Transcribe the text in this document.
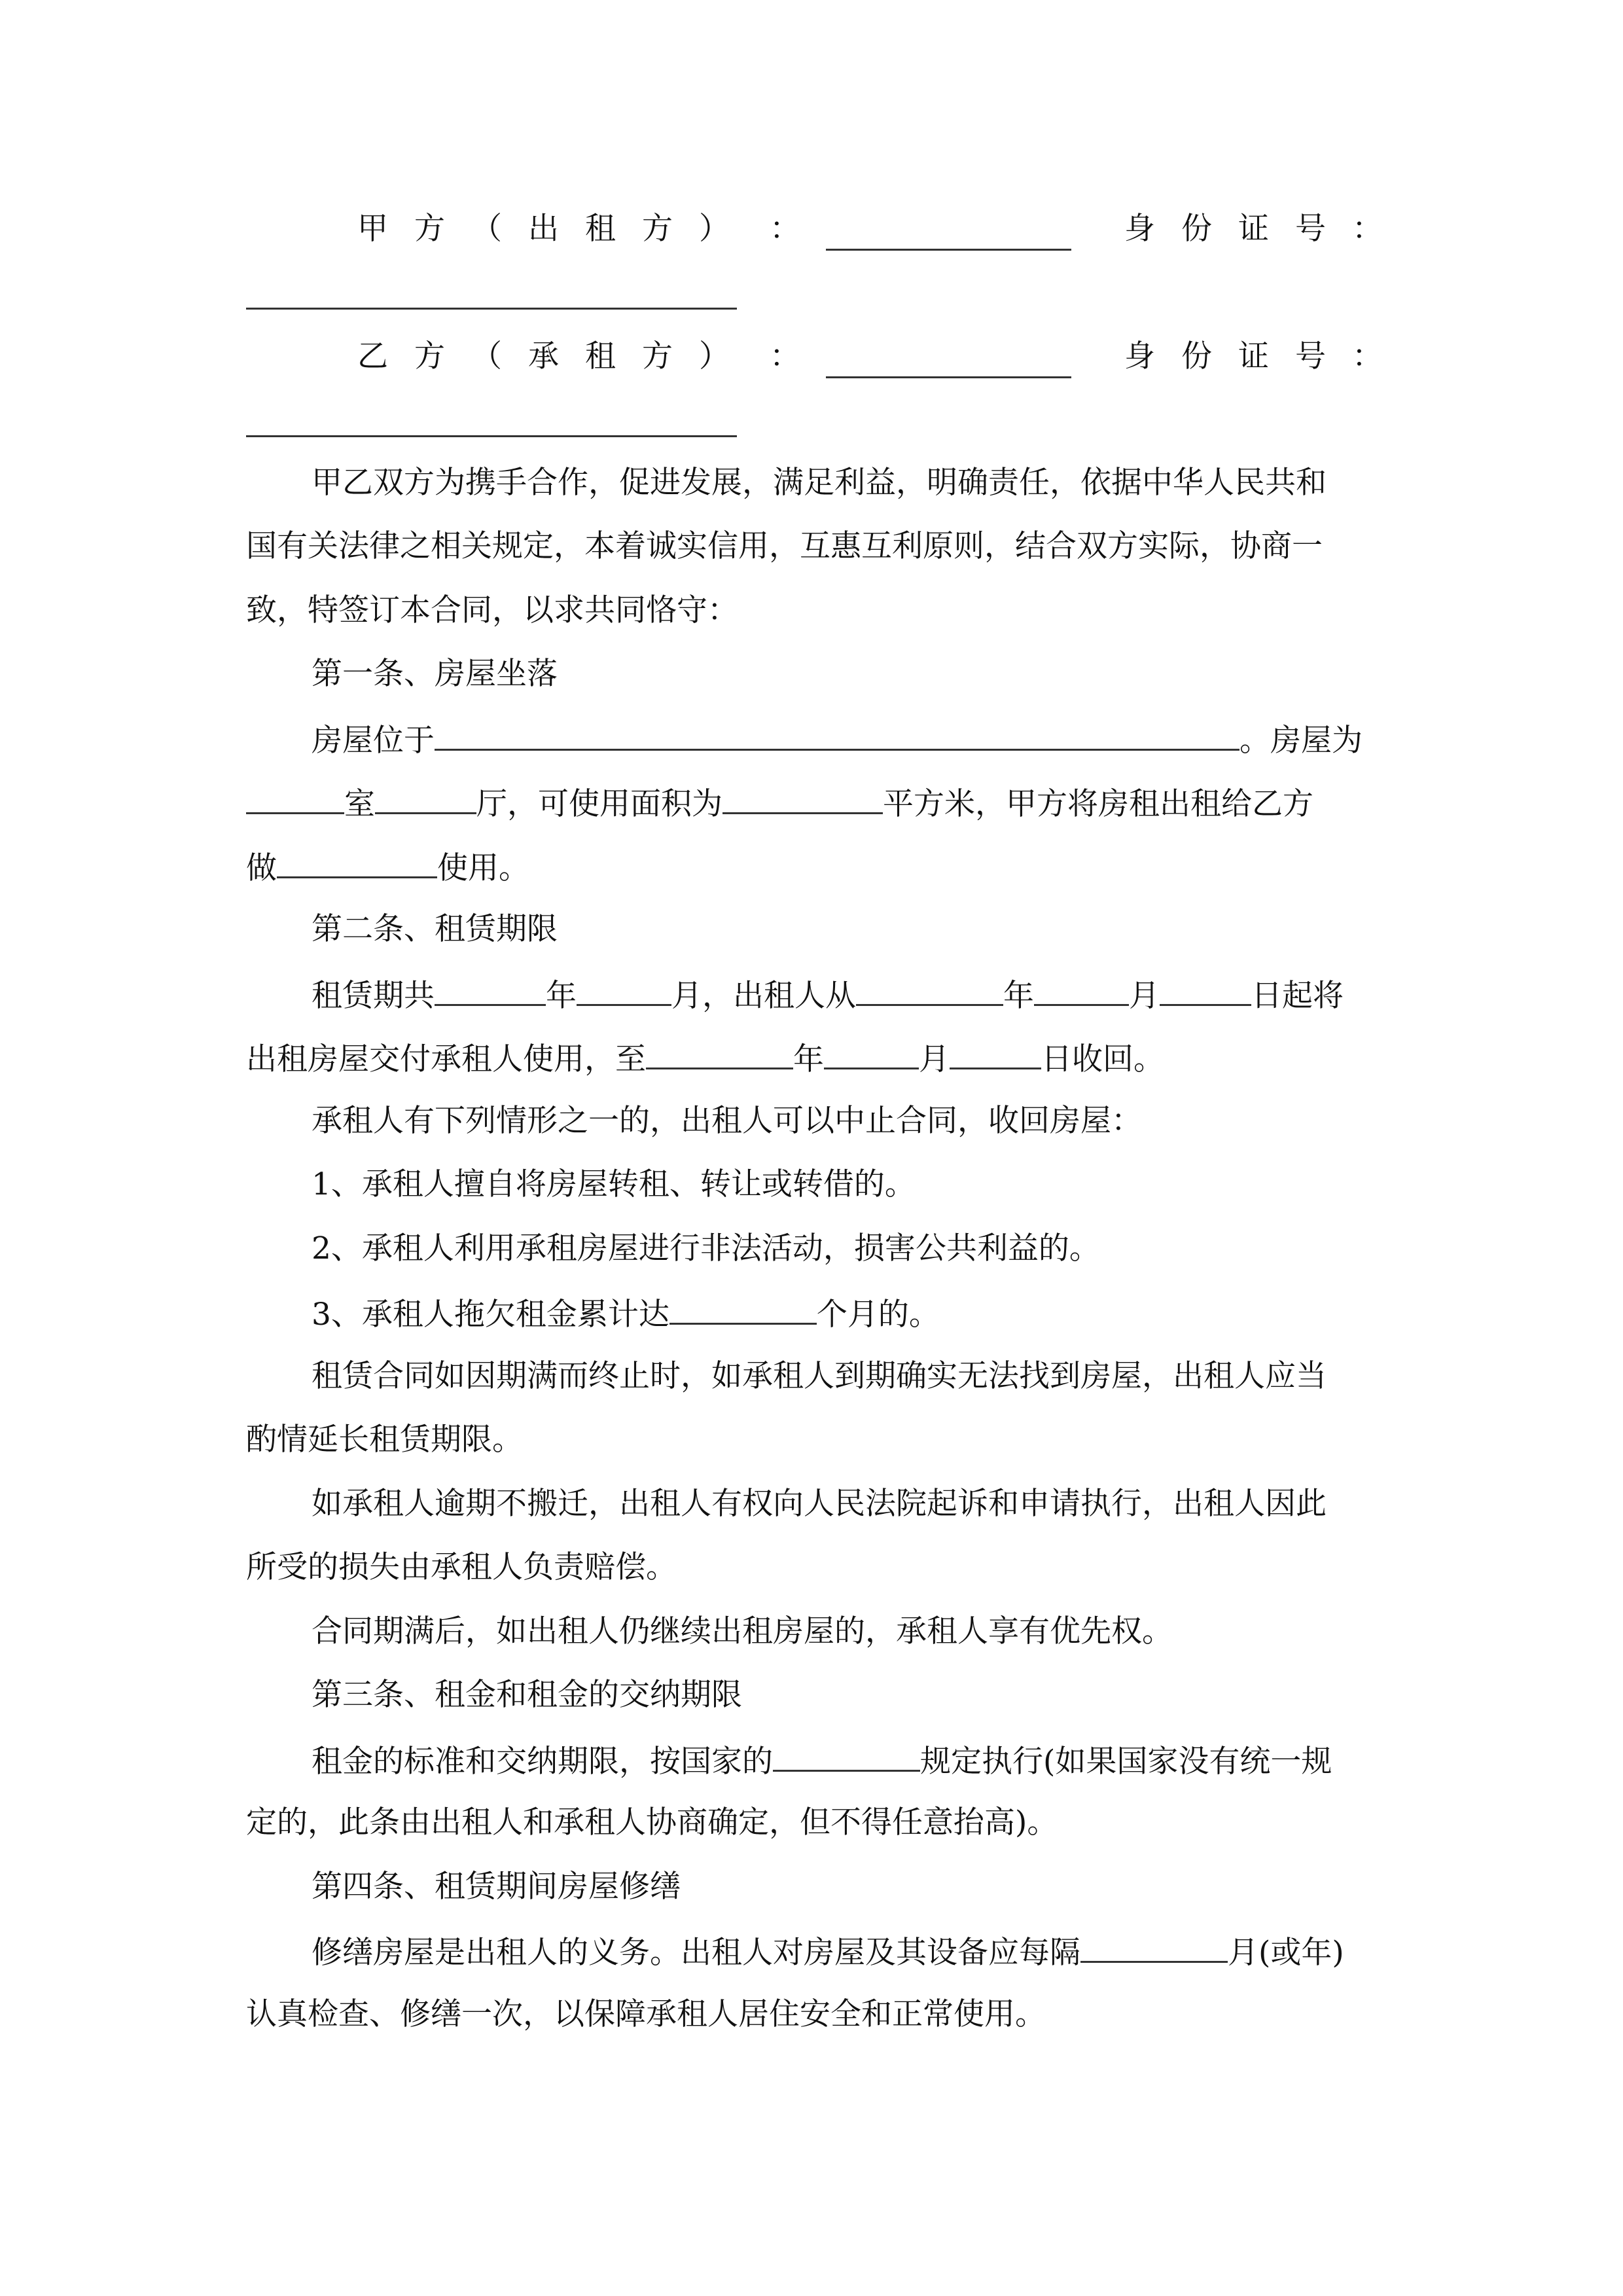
甲方（出租方） ：	身份证号：
乙方（承租方） ：	身份证号：
甲乙双方为携手合作，促进发展，满足利益，明确责任，依据中华人民共和
国有关法律之相关规定，本着诚实信用，互惠互利原则，结合双方实际，协商一
致，特签订本合同，以求共同恪守：
第一条、房屋坐落
房屋位于	。房屋为
室	厅，可使用面积为	平方米，甲方将房租出租给乙方
做	使用。
第二条、租赁期限
租赁期共	年	月，出租人从	年	月	日起将
出租房屋交付承租人使用，至	年	月	日收回。
承租人有下列情形之一的，出租人可以中止合同，收回房屋：
1、承租人擅自将房屋转租、转让或转借的。
2、承租人利用承租房屋进行非法活动，损害公共利益的。
3、承租人拖欠租金累计达	个月的。
租赁合同如因期满而终止时，如承租人到期确实无法找到房屋，出租人应当
酌情延长租赁期限。
如承租人逾期不搬迁，出租人有权向人民法院起诉和申请执行，出租人因此
所受的损失由承租人负责赔偿。
合同期满后，如出租人仍继续出租房屋的，承租人享有优先权。
第三条、租金和租金的交纳期限
租金的标准和交纳期限，按国家的	规定执行(如果国家没有统一规
定的，此条由出租人和承租人协商确定，但不得任意抬高)。
第四条、租赁期间房屋修缮
修缮房屋是出租人的义务。出租人对房屋及其设备应每隔	月(或年)
认真检查、修缮一次，以保障承租人居住安全和正常使用。
